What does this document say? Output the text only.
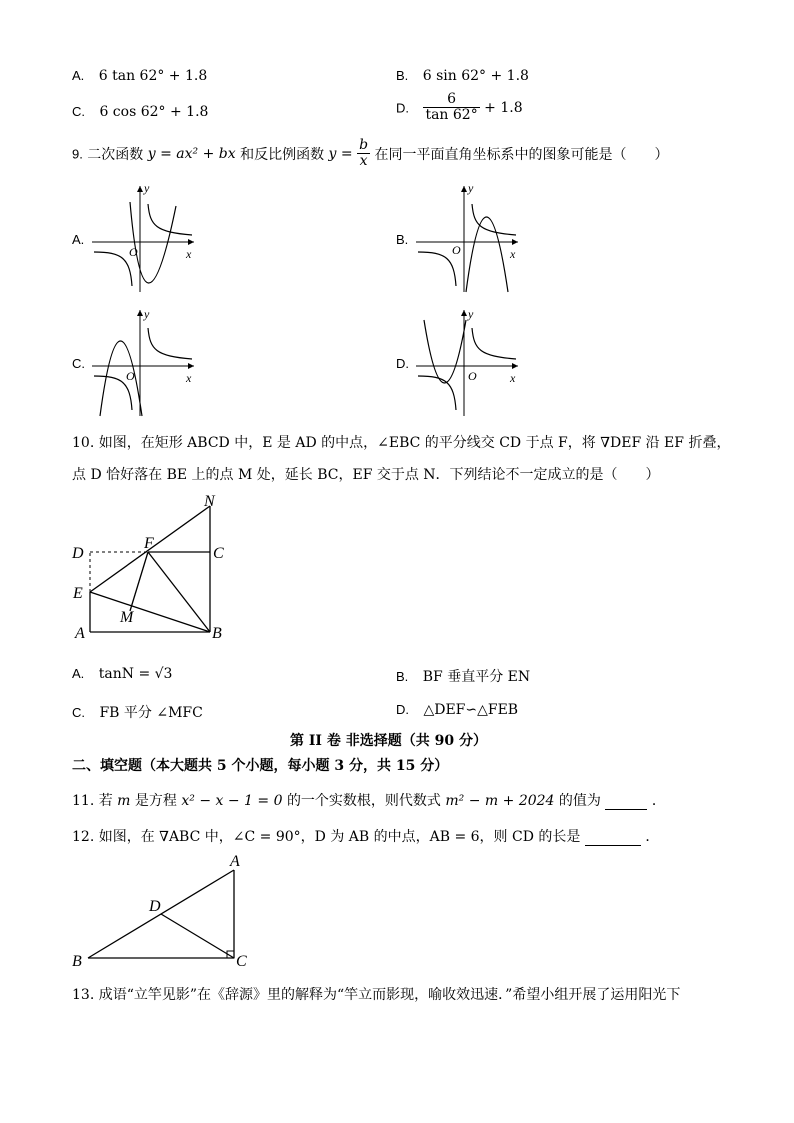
A. 6 tan 62° + 1.8	B. 6 sin 62° + 1.8
C. 6 cos 62° + 1.8	D. $\frac{6}{\tan 62^\circ} + 1.8$
9. 二次函数 y = ax² + bx 和反比例函数 $y = \frac{b}{x}$ 在同一平面直角坐标系中的图象可能是（　　）
A.	B.
C.	D.
y
x
O
y
x
O
y
x
O
y
x
O
10. 如图，在矩形 ABCD 中，E 是 AD 的中点，∠EBC 的平分线交 CD 于点 F，将 ∇DEF 沿 EF 折叠，
点 D 恰好落在 BE 上的点 M 处，延长 BC，EF 交于点 N．下列结论不一定成立的是（　　）
N
D
F
C
E
M
A	B
A. tanN = √3	B. BF 垂直平分 EN
C. FB 平分 ∠MFC	D. △DEF∽△FEB
第 II 卷 非选择题（共 90 分）
二、填空题（本大题共 5 个小题，每小题 3 分，共 15 分）
11. 若 m 是方程 x² − x − 1 = 0 的一个实数根，则代数式 m² − m + 2024 的值为	．
12. 如图，在 ∇ABC 中，∠C = 90°，D 为 AB 的中点，AB = 6，则 CD 的长是	．
A
D
B	C
13. 成语“立竿见影”在《辞源》里的解释为“竿立而影现，喻收效迅速．”希望小组开展了运用阳光下
